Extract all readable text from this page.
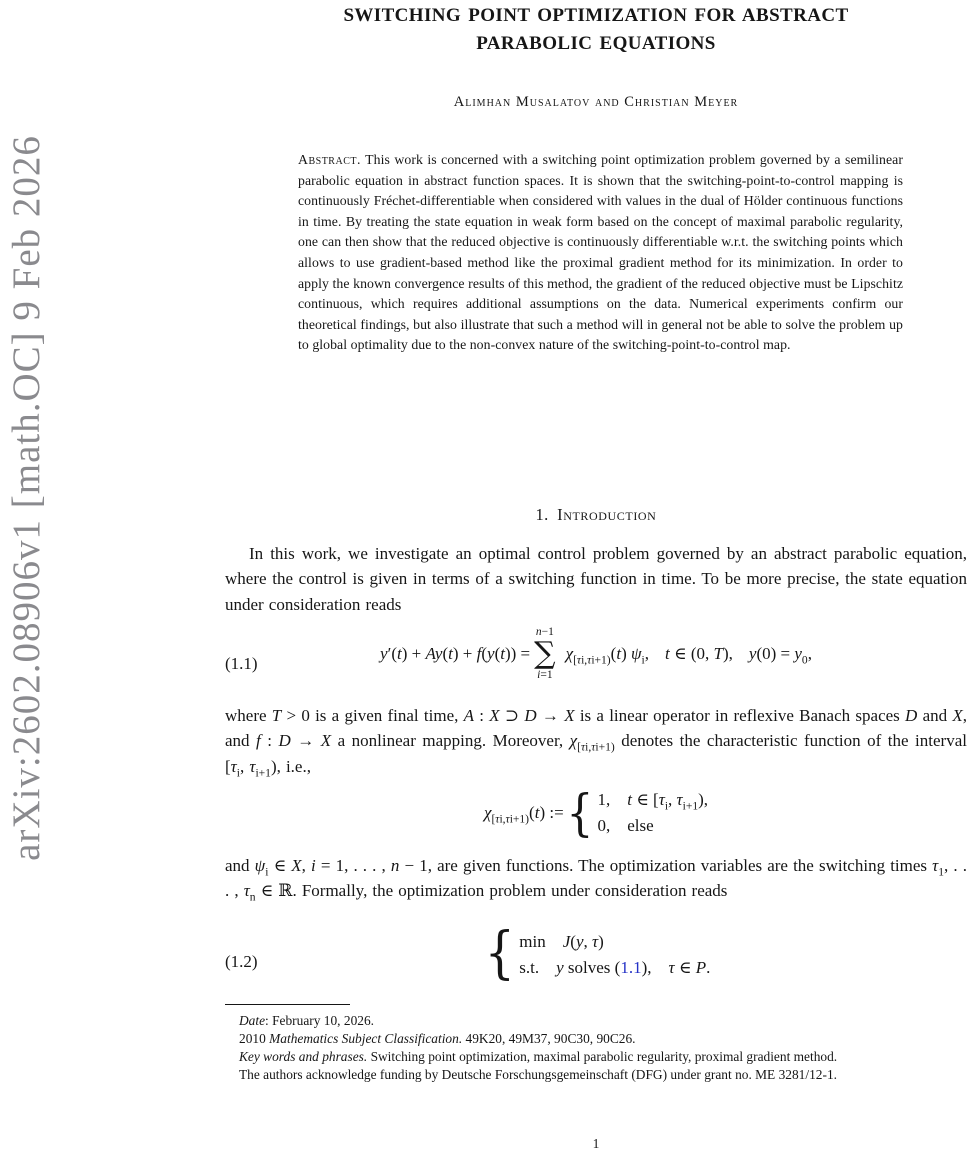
arXiv:2602.08906v1 [math.OC] 9 Feb 2026
SWITCHING POINT OPTIMIZATION FOR ABSTRACT
PARABOLIC EQUATIONS
Alimhan Musalatov and Christian Meyer
Abstract. This work is concerned with a switching point optimization problem governed by a semilinear parabolic equation in abstract function spaces. It is shown that the switching-point-to-control mapping is continuously Fréchet-differentiable when considered with values in the dual of Hölder continuous functions in time. By treating the state equation in weak form based on the concept of maximal parabolic regularity, one can then show that the reduced objective is continuously differentiable w.r.t. the switching points which allows to use gradient-based method like the proximal gradient method for its minimization. In order to apply the known convergence results of this method, the gradient of the reduced objective must be Lipschitz continuous, which requires additional assumptions on the data. Numerical experiments confirm our theoretical findings, but also illustrate that such a method will in general not be able to solve the problem up to global optimality due to the non-convex nature of the switching-point-to-control map.
1.  Introduction
In this work, we investigate an optimal control problem governed by an abstract parabolic equation, where the control is given in terms of a switching function in time. To be more precise, the state equation under consideration reads
(1.1)
y′(t) + Ay(t) + f(y(t)) =
n−1
∑
i=1
$\chi_{[\tau i,\tau i+1)}(t)$ $\psi_i$, t ∈ (0, T), $y(0) = y_0$,
where T > 0 is a given final time, A : X ⊃ D → X is a linear operator in reflexive Banach spaces D and X, and f : D → X a nonlinear mapping. Moreover, $\chi_{[\tau i,\tau i+1)}$ denotes the characteristic function of the interval [$\tau_i$, $\tau_{i+1}$), i.e.,
$\chi_{[\tau i,\tau i+1)}(t)$ := { 1,  t ∈ [$\tau_i$, $\tau_{i+1}$),
0,  else
and $\psi_i$ ∈ X, i = 1, . . . , n − 1, are given functions. The optimization variables are the switching times $\tau_1$, . . . , $\tau_n$ ∈ ℝ. Formally, the optimization problem under consideration reads
(1.2)	{ min J(y, τ)
s.t.  y solves (1.1), τ ∈ P.
Date: February 10, 2026.
2010 Mathematics Subject Classification. 49K20, 49M37, 90C30, 90C26.
Key words and phrases. Switching point optimization, maximal parabolic regularity, proximal gradient method.
The authors acknowledge funding by Deutsche Forschungsgemeinschaft (DFG) under grant no. ME 3281/12-1.
1
